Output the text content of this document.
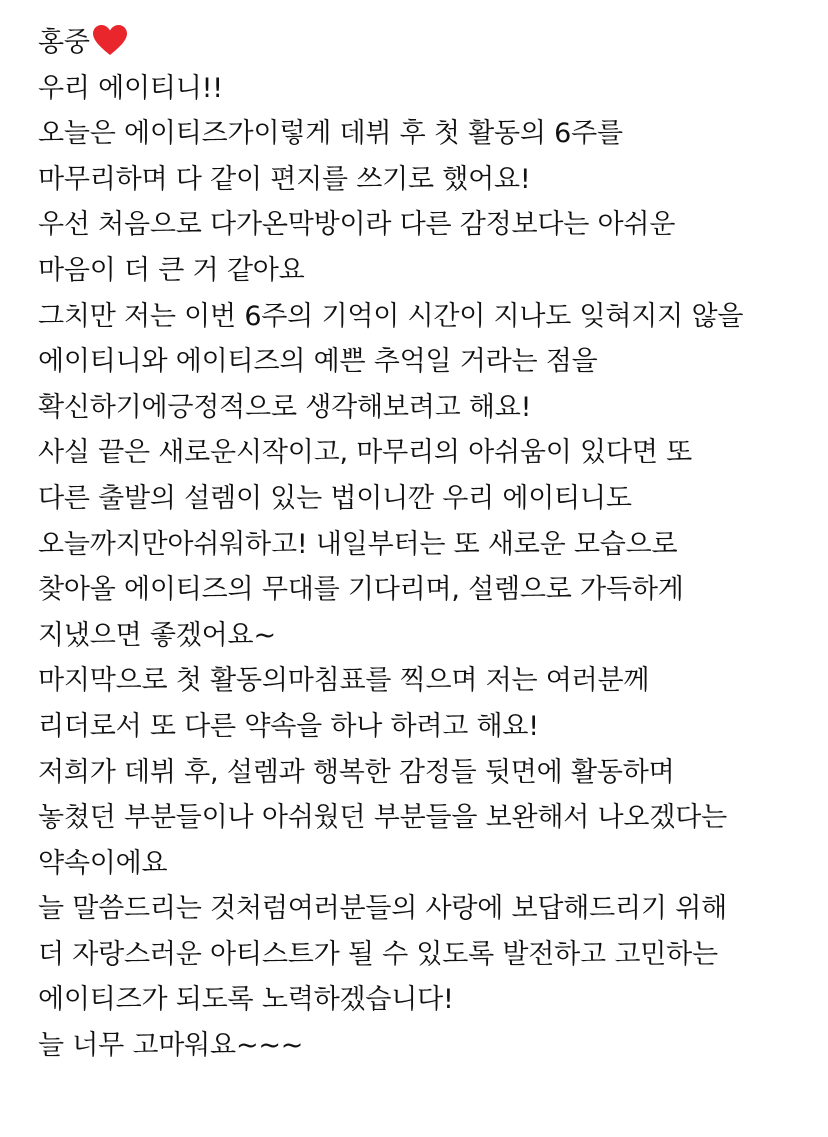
홍중
우리 에이티니!!
오늘은 에이티즈가이렇게 데뷔 후 첫 활동의 6주를
마무리하며 다 같이 편지를 쓰기로 했어요!
우선 처음으로 다가온막방이라 다른 감정보다는 아쉬운
마음이 더 큰 거 같아요
그치만 저는 이번 6주의 기억이 시간이 지나도 잊혀지지 않을
에이티니와 에이티즈의 예쁜 추억일 거라는 점을
확신하기에긍정적으로 생각해보려고 해요!
사실 끝은 새로운시작이고, 마무리의 아쉬움이 있다면 또
다른 출발의 설렘이 있는 법이니깐 우리 에이티니도
오늘까지만아쉬워하고! 내일부터는 또 새로운 모습으로
찾아올 에이티즈의 무대를 기다리며, 설렘으로 가득하게
지냈으면 좋겠어요~
마지막으로 첫 활동의마침표를 찍으며 저는 여러분께
리더로서 또 다른 약속을 하나 하려고 해요!
저희가 데뷔 후, 설렘과 행복한 감정들 뒷면에 활동하며
놓쳤던 부분들이나 아쉬웠던 부분들을 보완해서 나오겠다는
약속이에요
늘 말씀드리는 것처럼여러분들의 사랑에 보답해드리기 위해
더 자랑스러운 아티스트가 될 수 있도록 발전하고 고민하는
에이티즈가 되도록 노력하겠습니다!
늘 너무 고마워요~~~
